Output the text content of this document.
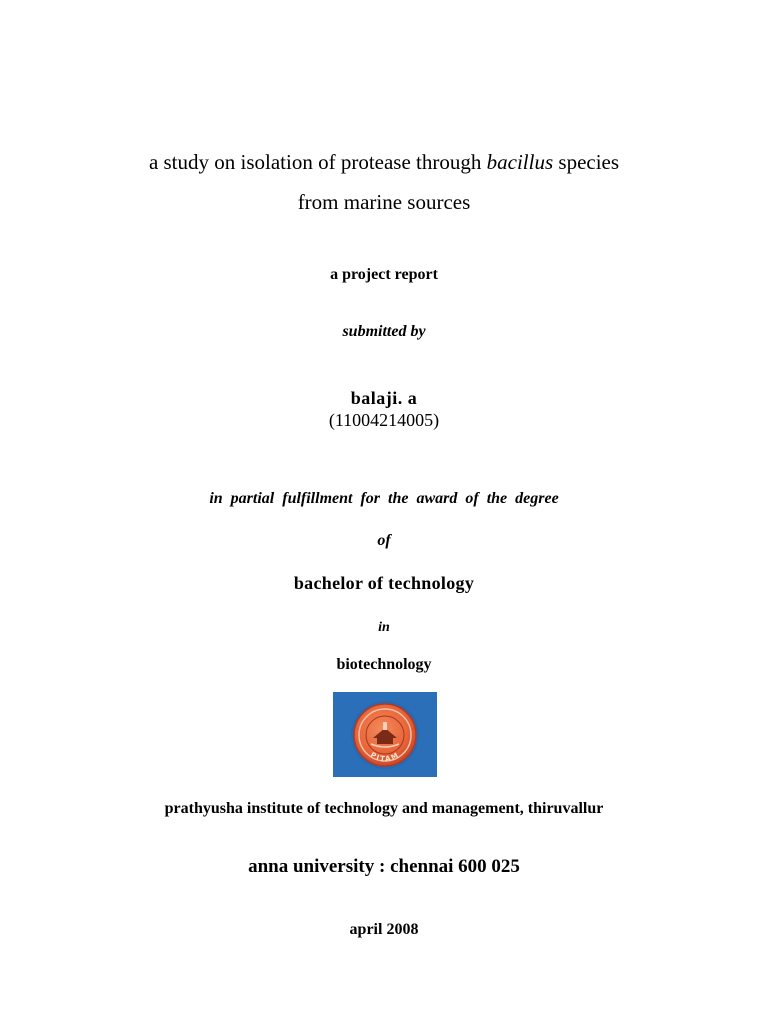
a study on isolation of protease through bacillus species
from marine sources
a project report
submitted by
balaji. a
(11004214005)
in partial fulfillment for the award of the degree
of
bachelor of technology
in
biotechnology
PITAM
prathyusha institute of technology and management, thiruvallur
anna university : chennai 600 025
april 2008
